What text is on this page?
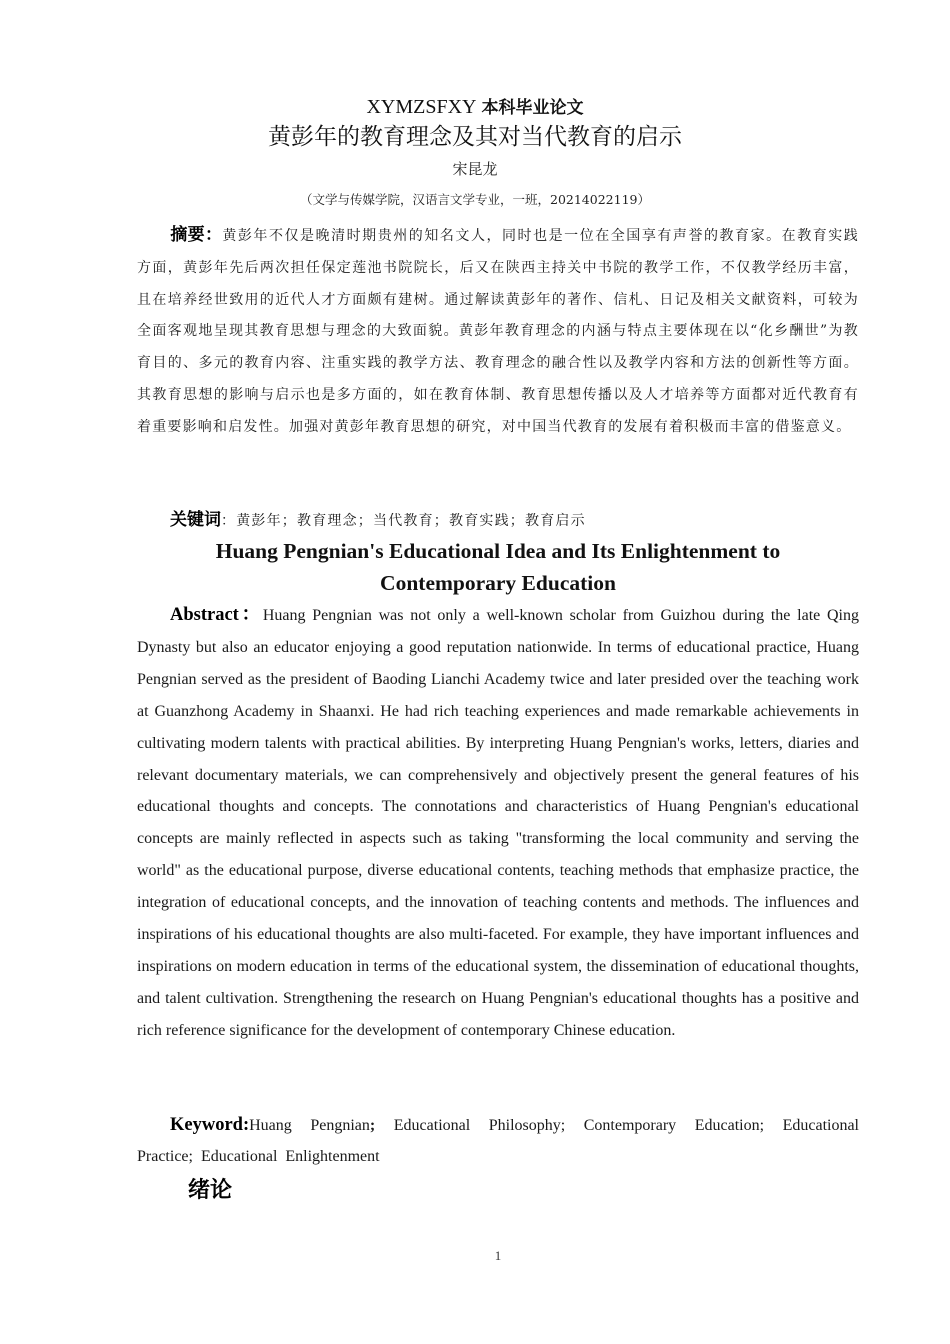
XYMZSFXY 本科毕业论文
黄彭年的教育理念及其对当代教育的启示
宋昆龙
（文学与传媒学院，汉语言文学专业，一班，20214022119）
摘要：黄彭年不仅是晚清时期贵州的知名文人，同时也是一位在全国享有声誉的教育家。在教育实践方面，黄彭年先后两次担任保定莲池书院院长，后又在陕西主持关中书院的教学工作，不仅教学经历丰富，且在培养经世致用的近代人才方面颇有建树。通过解读黄彭年的著作、信札、日记及相关文献资料，可较为全面客观地呈现其教育思想与理念的大致面貌。黄彭年教育理念的内涵与特点主要体现在以“化乡酬世”为教育目的、多元的教育内容、注重实践的教学方法、教育理念的融合性以及教学内容和方法的创新性等方面。其教育思想的影响与启示也是多方面的，如在教育体制、教育思想传播以及人才培养等方面都对近代教育有着重要影响和启发性。加强对黄彭年教育思想的研究，对中国当代教育的发展有着积极而丰富的借鉴意义。
关键词：黄彭年；教育理念；当代教育；教育实践；教育启示
Huang Pengnian's Educational Idea and Its Enlightenment to
Contemporary Education
Abstract：Huang Pengnian was not only a well-known scholar from Guizhou during the late Qing Dynasty but also an educator enjoying a good reputation nationwide. In terms of educational practice, Huang Pengnian served as the president of Baoding Lianchi Academy twice and later presided over the teaching work at Guanzhong Academy in Shaanxi. He had rich teaching experiences and made remarkable achievements in cultivating modern talents with practical abilities. By interpreting Huang Pengnian's works, letters, diaries and relevant documentary materials, we can comprehensively and objectively present the general features of his educational thoughts and concepts. The connotations and characteristics of Huang Pengnian's educational concepts are mainly reflected in aspects such as taking "transforming the local community and serving the world" as the educational purpose, diverse educational contents, teaching methods that emphasize practice, the integration of educational concepts, and the innovation of teaching contents and methods. The influences and inspirations of his educational thoughts are also multi-faceted. For example, they have important influences and inspirations on modern education in terms of the educational system, the dissemination of educational thoughts, and talent cultivation. Strengthening the research on Huang Pengnian's educational thoughts has a positive and rich reference significance for the development of contemporary Chinese education.
Keyword:Huang Pengnian; Educational Philosophy; Contemporary Education; Educational Practice; Educational Enlightenment
绪论
1
